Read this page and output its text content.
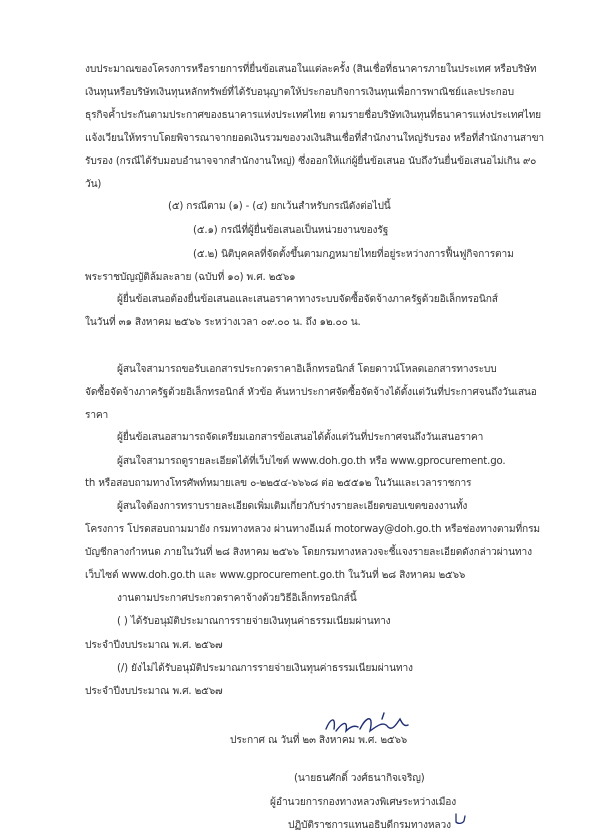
งบประมาณของโครงการหรือรายการที่ยื่นข้อเสนอในแต่ละครั้ง (สินเชื่อที่ธนาคารภายในประเทศ หรือบริษัท
เงินทุนหรือบริษัทเงินทุนหลักทรัพย์ที่ได้รับอนุญาตให้ประกอบกิจการเงินทุนเพื่อการพาณิชย์และประกอบ
ธุรกิจค้ำประกันตามประกาศของธนาคารแห่งประเทศไทย ตามรายชื่อบริษัทเงินทุนที่ธนาคารแห่งประเทศไทย
แจ้งเวียนให้ทราบโดยพิจารณาจากยอดเงินรวมของวงเงินสินเชื่อที่สำนักงานใหญ่รับรอง หรือที่สำนักงานสาขา
รับรอง (กรณีได้รับมอบอำนาจจากสำนักงานใหญ่) ซึ่งออกให้แก่ผู้ยื่นข้อเสนอ นับถึงวันยื่นข้อเสนอไม่เกิน ๙๐
วัน)
(๕) กรณีตาม (๑) - (๔) ยกเว้นสำหรับกรณีดังต่อไปนี้
(๕.๑) กรณีที่ผู้ยื่นข้อเสนอเป็นหน่วยงานของรัฐ
(๕.๒) นิติบุคคลที่จัดตั้งขึ้นตามกฎหมายไทยที่อยู่ระหว่างการฟื้นฟูกิจการตาม
พระราชบัญญัติล้มละลาย (ฉบับที่ ๑๐) พ.ศ. ๒๕๖๑
ผู้ยื่นข้อเสนอต้องยื่นข้อเสนอและเสนอราคาทางระบบจัดซื้อจัดจ้างภาครัฐด้วยอิเล็กทรอนิกส์
ในวันที่ ๓๑ สิงหาคม ๒๕๖๖ ระหว่างเวลา ๐๙.๐๐ น. ถึง ๑๒.๐๐ น.
ผู้สนใจสามารถขอรับเอกสารประกวดราคาอิเล็กทรอนิกส์ โดยดาวน์โหลดเอกสารทางระบบ
จัดซื้อจัดจ้างภาครัฐด้วยอิเล็กทรอนิกส์ หัวข้อ ค้นหาประกาศจัดซื้อจัดจ้างได้ตั้งแต่วันที่ประกาศจนถึงวันเสนอ
ราคา
ผู้ยื่นข้อเสนอสามารถจัดเตรียมเอกสารข้อเสนอได้ตั้งแต่วันที่ประกาศจนถึงวันเสนอราคา
ผู้สนใจสามารถดูรายละเอียดได้ที่เว็บไซต์ www.doh.go.th หรือ www.gprocurement.go.
th หรือสอบถามทางโทรศัพท์หมายเลข ๐-๒๒๕๔-๖๖๖๘ ต่อ ๒๕๕๑๒ ในวันและเวลาราชการ
ผู้สนใจต้องการทราบรายละเอียดเพิ่มเติมเกี่ยวกับร่างรายละเอียดขอบเขตของงานทั้ง
โครงการ โปรดสอบถามมายัง กรมทางหลวง ผ่านทางอีเมล์ motorway@doh.go.th หรือช่องทางตามที่กรม
บัญชีกลางกำหนด ภายในวันที่ ๒๘ สิงหาคม ๒๕๖๖ โดยกรมทางหลวงจะชี้แจงรายละเอียดดังกล่าวผ่านทาง
เว็บไซต์ www.doh.go.th และ www.gprocurement.go.th ในวันที่ ๒๘ สิงหาคม ๒๕๖๖
งานตามประกาศประกวดราคาจ้างด้วยวิธีอิเล็กทรอนิกส์นี้
( ) ได้รับอนุมัติประมาณการรายจ่ายเงินทุนค่าธรรมเนียมผ่านทาง
ประจำปีงบประมาณ พ.ศ. ๒๕๖๗
(/) ยังไม่ได้รับอนุมัติประมาณการรายจ่ายเงินทุนค่าธรรมเนียมผ่านทาง
ประจำปีงบประมาณ พ.ศ. ๒๕๖๗
ประกาศ ณ วันที่ ๒๓ สิงหาคม พ.ศ. ๒๕๖๖
(นายธนศักดิ์ วงศ์ธนากิจเจริญ)
ผู้อำนวยการกองทางหลวงพิเศษระหว่างเมือง
ปฏิบัติราชการแทนอธิบดีกรมทางหลวง
